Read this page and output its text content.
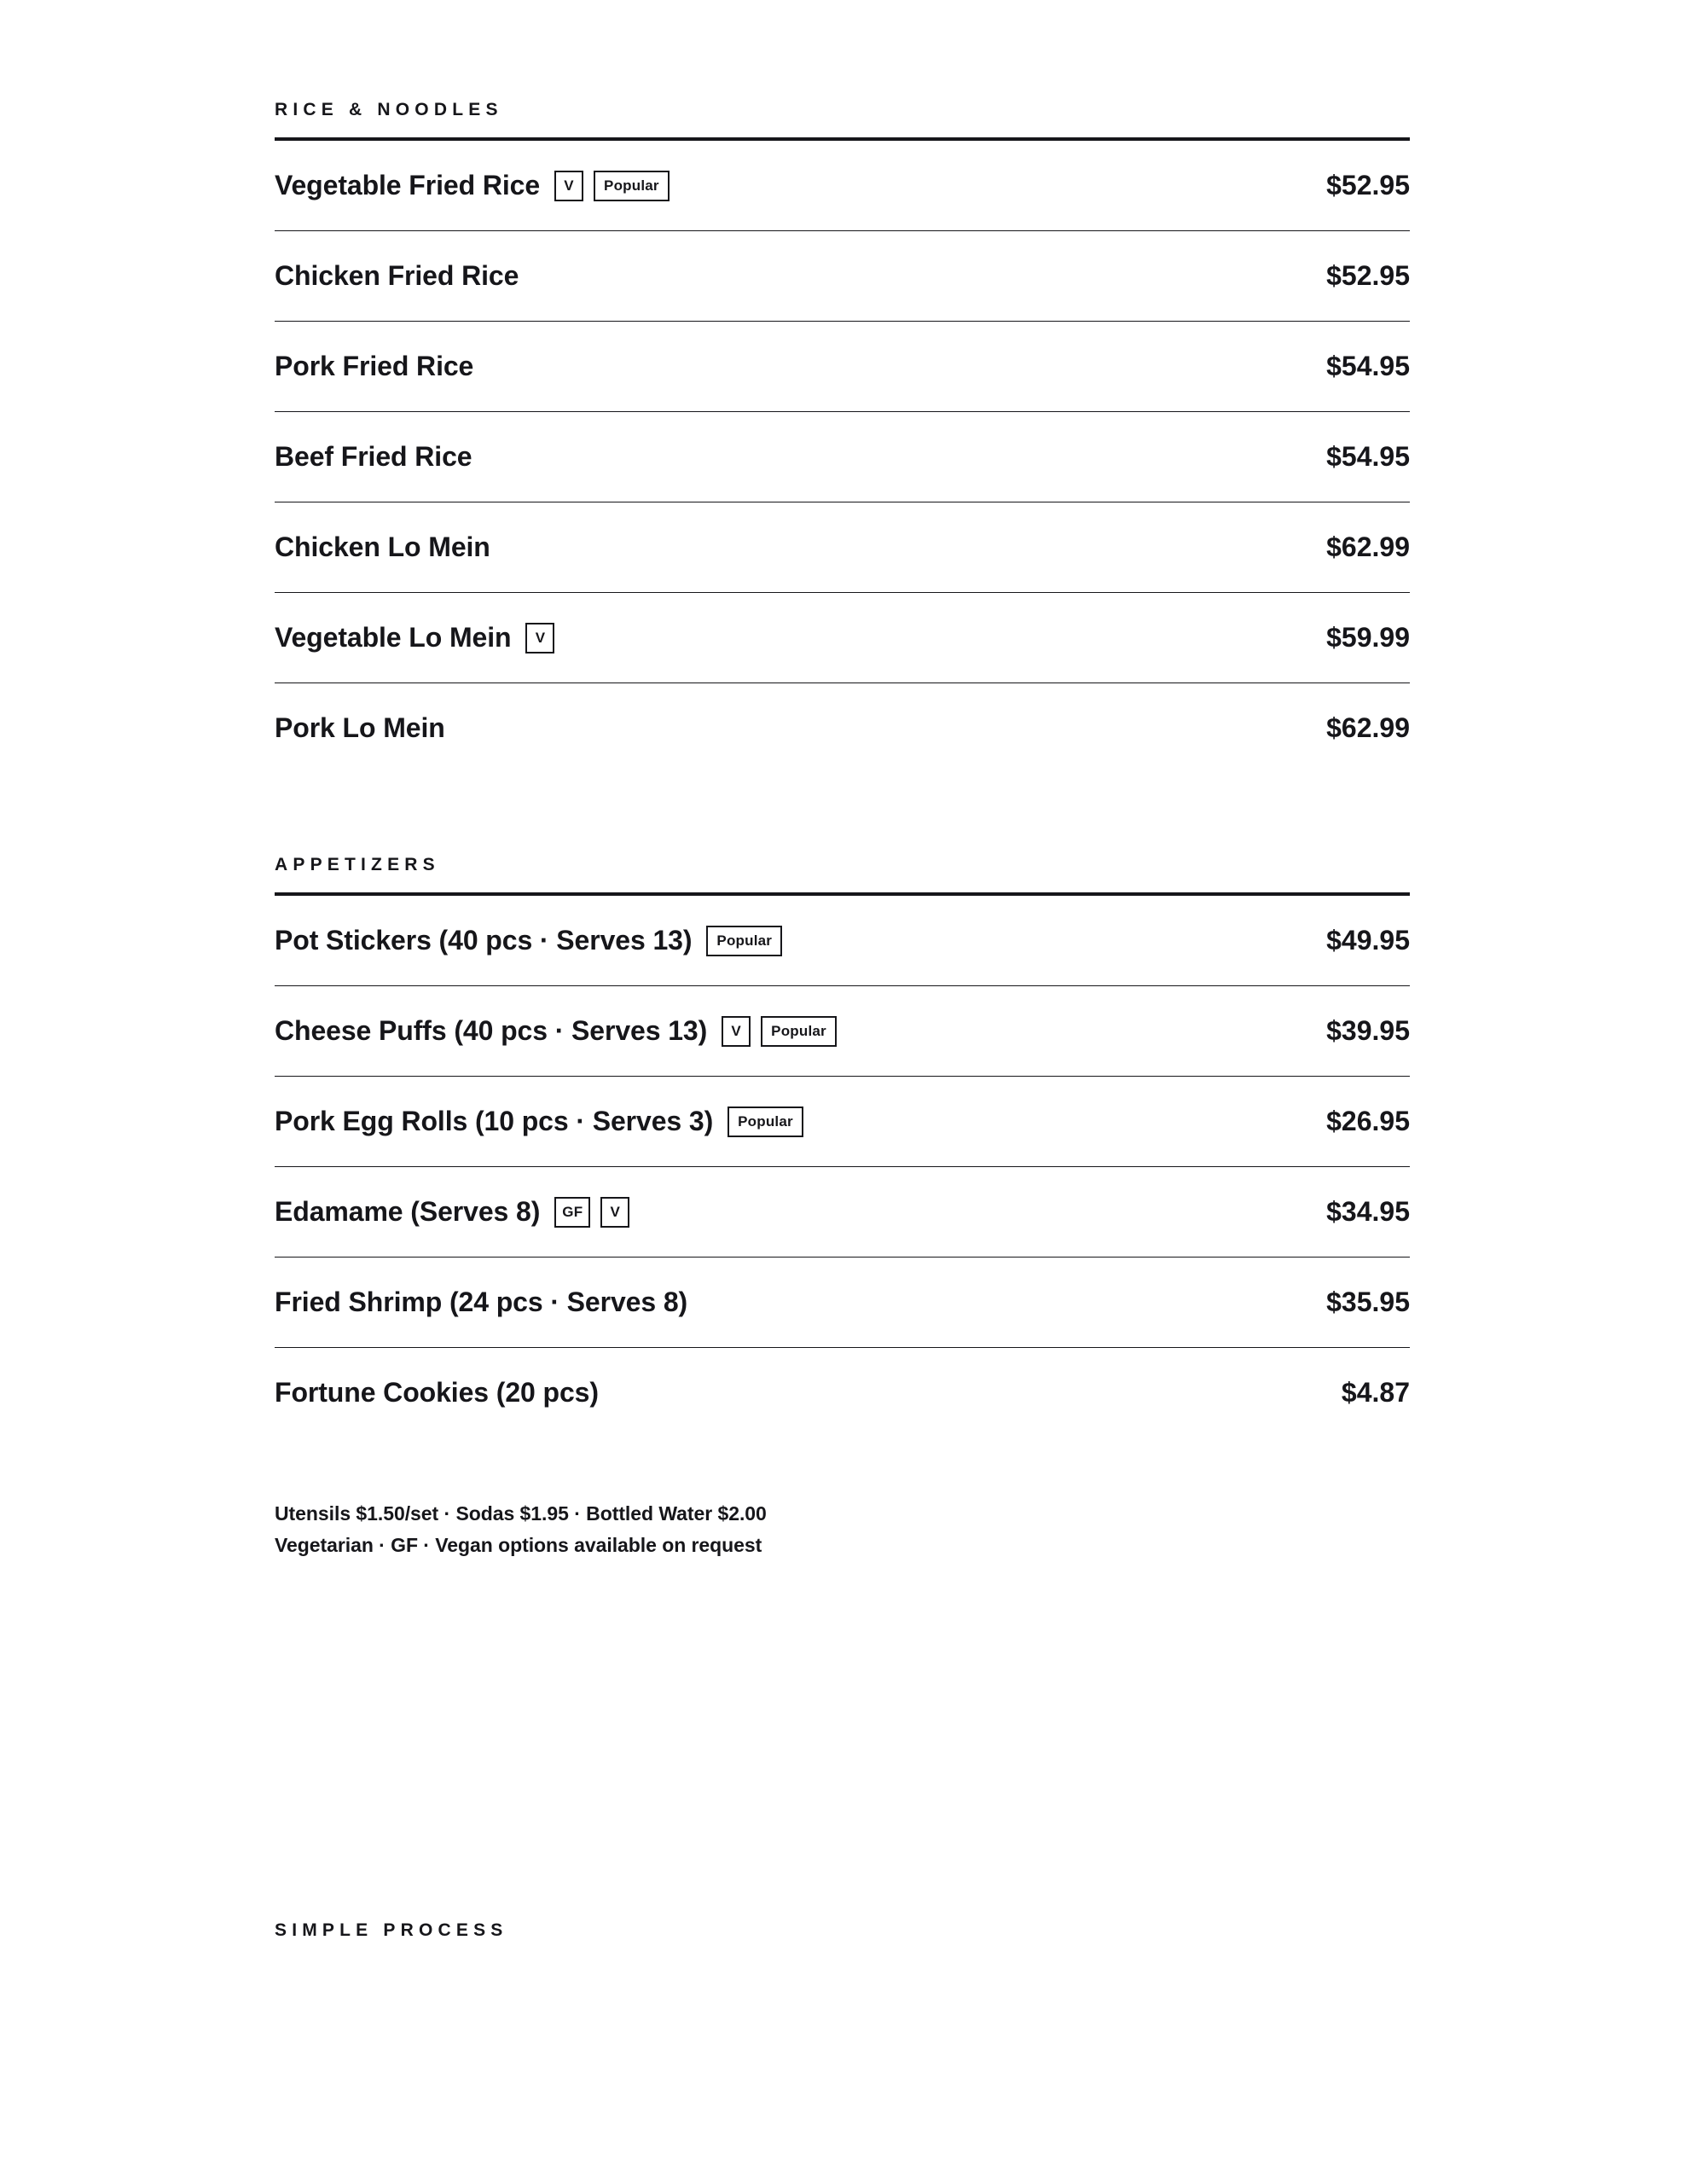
RICE & NOODLES
Vegetable Fried Rice	V	Popular	$52.95
Chicken Fried Rice	$52.95
Pork Fried Rice	$54.95
Beef Fried Rice	$54.95
Chicken Lo Mein	$62.99
Vegetable Lo Mein	V	$59.99
Pork Lo Mein	$62.99
APPETIZERS
Pot Stickers (40 pcs · Serves 13)	Popular	$49.95
Cheese Puffs (40 pcs · Serves 13)	V	Popular	$39.95
Pork Egg Rolls (10 pcs · Serves 3)	Popular	$26.95
Edamame (Serves 8)	GF	V	$34.95
Fried Shrimp (24 pcs · Serves 8)	$35.95
Fortune Cookies (20 pcs)	$4.87
Utensils $1.50/set · Sodas $1.95 · Bottled Water $2.00
Vegetarian · GF · Vegan options available on request
SIMPLE PROCESS
